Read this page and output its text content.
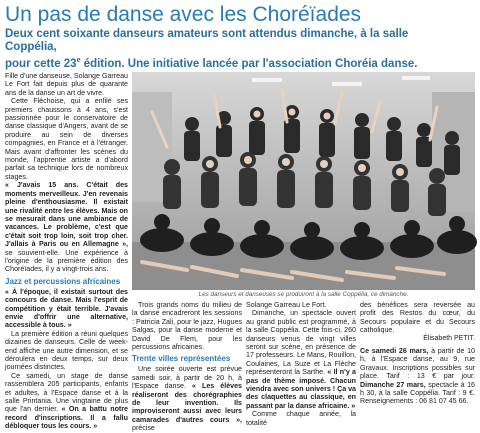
Un pas de danse avec les Choréïades
Deux cent soixante danseurs amateurs sont attendus dimanche, à la salle Coppélia,
pour cette 23e édition. Une initiative lancée par l'association Choréia danse.

Fille d'une danseuse, Solange Garreau Le Fort fait depuis plus de quarante ans de la danse un art de vivre.

Cette Fléchoise, qui a enfilé ses premiers chaussons à 4 ans, s'est passionnée pour le conservatoire de danse classique d'Angers, avant de se produire au sein de diverses compagnies, en France et à l'étranger. Mais avant d'affronter les scènes du monde, l'apprentie artiste a d'abord parfait sa technique lors de nombreux stages.

« J'avais 15 ans. C'était des moments merveilleux. J'en revenais pleine d'enthousiasme. Il existait une rivalité entre les élèves. Mais on se mesurait dans une ambiance de vacances. Le problème, c'est que c'était soit trop loin, soit trop cher. J'allais à Paris ou en Allemagne », se souvient-elle. Une expérience à l'origine de la première édition des Choréïades, il y a vingt-trois ans.

Jazz et percussions africaines

« À l'époque, il existait surtout des concours de danse. Mais l'esprit de compétition y était terrible. J'avais envie d'offrir une alternative, accessible à tous. »

La première édition a réuni quelques dizaines de danseurs. Celle de week-end affiche une autre dimension, et se déroulera en deux temps, sur deux journées distinctes.

Ce samedi, un stage de danse rassemblera 205 participants, enfants et adultes, à l'Espace danse et à la salle Printania. Une vingtaine de plus que l'an dernier. « On a battu notre record d'inscriptions. Il a fallu débloquer tous les cours. »

Les danseurs et danseuses se produiront à la salle Coppélia, ce dimanche.

Trois grands noms du milieu de la danse encadreront les sessions : Patricia Zali, pour le jazz, Hugues Salgas, pour la danse moderne et David De Flem, pour les percussions africaines.

Trente villes représentées

Une soirée ouverte est prévue samedi soir, à partir de 20 h, à l'Espace danse. « Les élèves réaliseront des chorégraphies de leur invention. Ils improviseront aussi avec leurs camarades d'autres cours », précise

Solange Garreau Le Fort.

Dimanche, un spectacle ouvert au grand public est programmé, à la salle Coppélia. Cette fois-ci, 260 danseurs venus de vingt villes seront sur scène, en présence de 17 professeurs. Le Mans, Rouillon, Coulaines, La Suze et La Flèche représenteront la Sarthe. « Il n'y a pas de thème imposé. Chacun viendra avec son univers ! Ça va des claquettes au classique, en passant par la danse africaine. »

Comme chaque année, la totalité

des bénéfices sera reversée au profit des Restos du cœur, du Secours populaire et du Secours catholique.

Élisabeth PETIT.

Ce samedi 26 mars, à partir de 10 h, à l'Espace danse, au 9, rue Gravaux. Inscriptions possibles sur place. Tarif : 13 € par jour. Dimanche 27 mars, spectacle à 16 h 30, à la salle Coppélia. Tarif : 9 €. Renseignements : 06 81 07 45 66.
